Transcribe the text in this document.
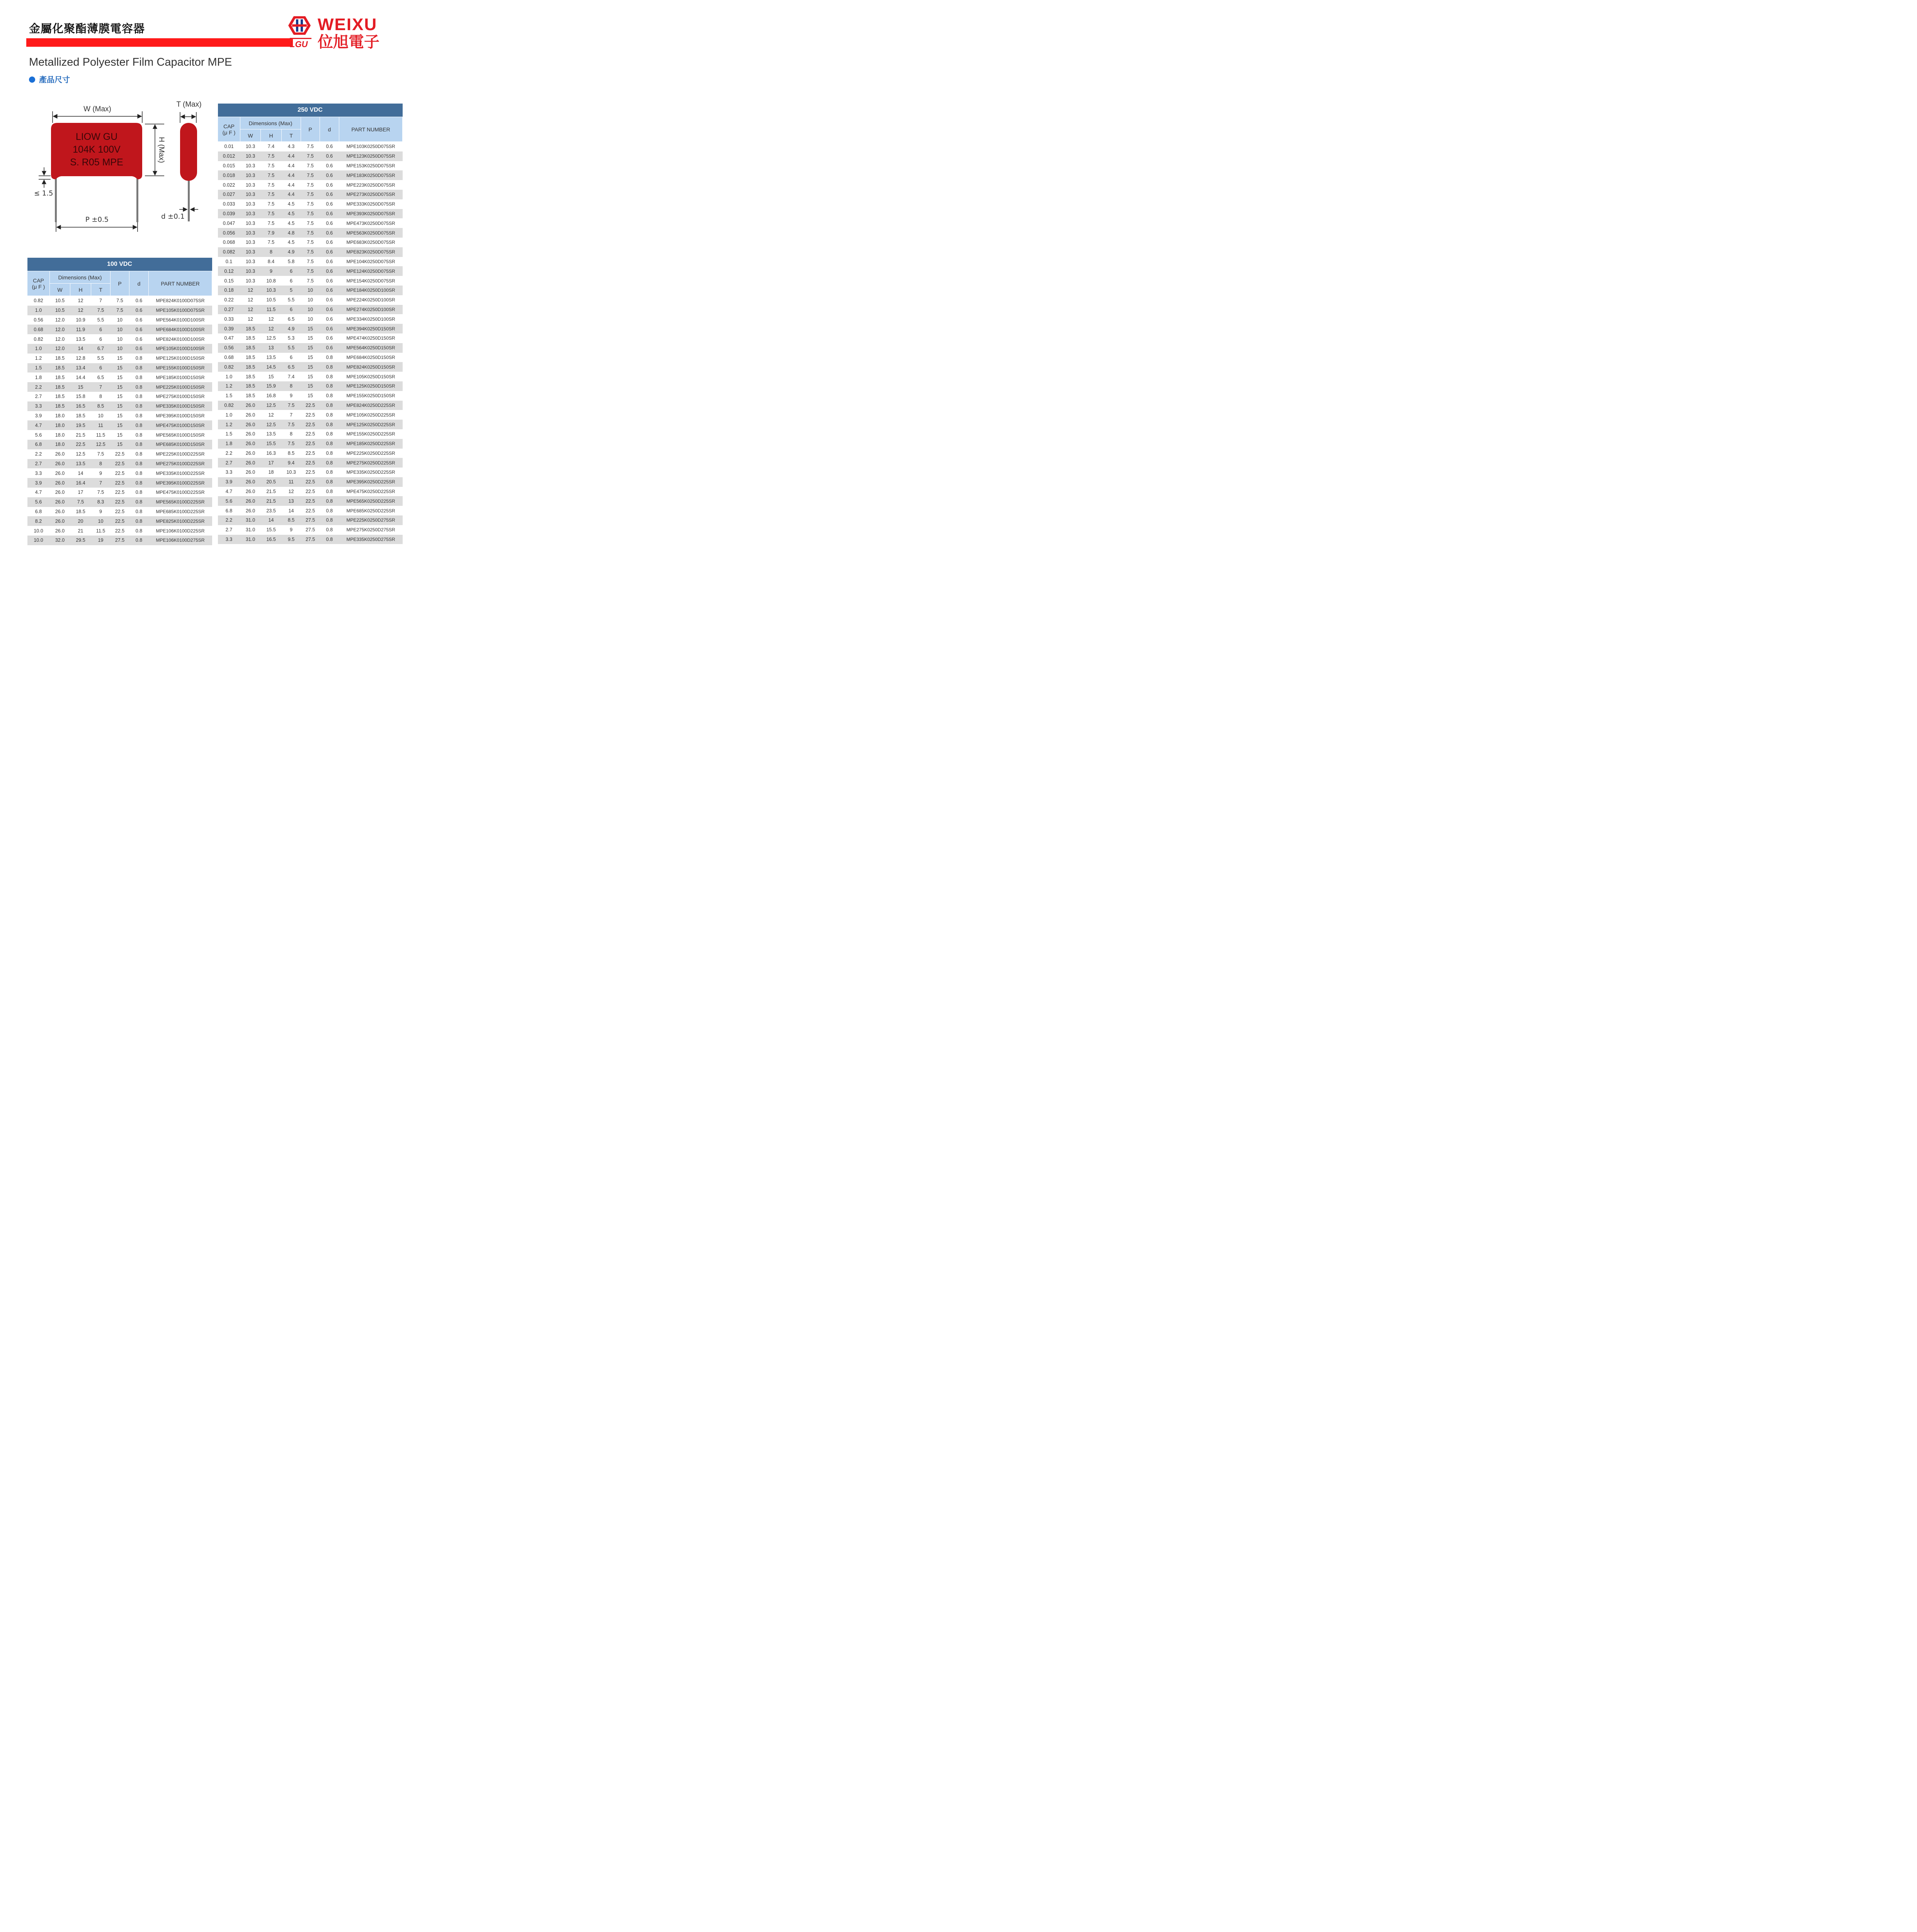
金屬化聚酯薄膜電容器
LGU
WEIXU
位旭電子
Metallized Polyester Film Capacitor MPE
產品尺寸
W (Max)
LIOW GU
104K 100V
S. R05 MPE	H (Max)
≤ 1.5
P ±0.5
T (Max)
d ±0.1
100 VDC						
CAP
(μ F )	Dimensions (Max)			P	d	PART NUMBER
	W	H	T			
0.82	10.5	12	7	7.5	0.6	MPE824K0100D075SR
1.0	10.5	12	7.5	7.5	0.6	MPE105K0100D075SR
0.56	12.0	10.9	5.5	10	0.6	MPE564K0100D100SR
0.68	12.0	11.9	6	10	0.6	MPE684K0100D100SR
0.82	12.0	13.5	6	10	0.6	MPE824K0100D100SR
1.0	12.0	14	6.7	10	0.6	MPE105K0100D100SR
1.2	18.5	12.8	5.5	15	0.8	MPE125K0100D150SR
1.5	18.5	13.4	6	15	0.8	MPE155K0100D150SR
1.8	18.5	14.4	6.5	15	0.8	MPE185K0100D150SR
2.2	18.5	15	7	15	0.8	MPE225K0100D150SR
2.7	18.5	15.8	8	15	0.8	MPE275K0100D150SR
3.3	18.5	16.5	8.5	15	0.8	MPE335K0100D150SR
3.9	18.0	18.5	10	15	0.8	MPE395K0100D150SR
4.7	18.0	19.5	11	15	0.8	MPE475K0100D150SR
5.6	18.0	21.5	11.5	15	0.8	MPE565K0100D150SR
6.8	18.0	22.5	12.5	15	0.8	MPE685K0100D150SR
2.2	26.0	12.5	7.5	22.5	0.8	MPE225K0100D225SR
2.7	26.0	13.5	8	22.5	0.8	MPE275K0100D225SR
3.3	26.0	14	9	22.5	0.8	MPE335K0100D225SR
3.9	26.0	16.4	7	22.5	0.8	MPE395K0100D225SR
4.7	26.0	17	7.5	22.5	0.8	MPE475K0100D225SR
5.6	26.0	7.5	8.3	22.5	0.8	MPE565K0100D225SR
6.8	26.0	18.5	9	22.5	0.8	MPE685K0100D225SR
8.2	26.0	20	10	22.5	0.8	MPE825K0100D225SR
10.0	26.0	21	11.5	22.5	0.8	MPE106K0100D225SR
10.0	32.0	29.5	19	27.5	0.8	MPE106K0100D275SR
250 VDC						
CAP
(μ F )	Dimensions (Max)			P	d	PART NUMBER
	W	H	T			
0.01	10.3	7.4	4.3	7.5	0.6	MPE103K0250D075SR
0.012	10.3	7.5	4.4	7.5	0.6	MPE123K0250D075SR
0.015	10.3	7.5	4.4	7.5	0.6	MPE153K0250D075SR
0.018	10.3	7.5	4.4	7.5	0.6	MPE183K0250D075SR
0.022	10.3	7.5	4.4	7.5	0.6	MPE223K0250D075SR
0.027	10.3	7.5	4.4	7.5	0.6	MPE273K0250D075SR
0.033	10.3	7.5	4.5	7.5	0.6	MPE333K0250D075SR
0.039	10.3	7.5	4.5	7.5	0.6	MPE393K0250D075SR
0.047	10.3	7.5	4.5	7.5	0.6	MPE473K0250D075SR
0.056	10.3	7.9	4.8	7.5	0.6	MPE563K0250D075SR
0.068	10.3	7.5	4.5	7.5	0.6	MPE683K0250D075SR
0.082	10.3	8	4.9	7.5	0.6	MPE823K0250D075SR
0.1	10.3	8.4	5.8	7.5	0.6	MPE104K0250D075SR
0.12	10.3	9	6	7.5	0.6	MPE124K0250D075SR
0.15	10.3	10.8	6	7.5	0.6	MPE154K0250D075SR
0.18	12	10.3	5	10	0.6	MPE184K0250D100SR
0.22	12	10.5	5.5	10	0.6	MPE224K0250D100SR
0.27	12	11.5	6	10	0.6	MPE274K0250D100SR
0.33	12	12	6.5	10	0.6	MPE334K0250D100SR
0.39	18.5	12	4.9	15	0.6	MPE394K0250D150SR
0.47	18.5	12.5	5.3	15	0.6	MPE474K0250D150SR
0.56	18.5	13	5.5	15	0.6	MPE564K0250D150SR
0.68	18.5	13.5	6	15	0.8	MPE684K0250D150SR
0.82	18.5	14.5	6.5	15	0.8	MPE824K0250D150SR
1.0	18.5	15	7.4	15	0.8	MPE105K0250D150SR
1.2	18.5	15.9	8	15	0.8	MPE125K0250D150SR
1.5	18.5	16.8	9	15	0.8	MPE155K0250D150SR
0.82	26.0	12.5	7.5	22.5	0.8	MPE824K0250D225SR
1.0	26.0	12	7	22.5	0.8	MPE105K0250D225SR
1.2	26.0	12.5	7.5	22.5	0.8	MPE125K0250D225SR
1.5	26.0	13.5	8	22.5	0.8	MPE155K0250D225SR
1.8	26.0	15.5	7.5	22.5	0.8	MPE185K0250D225SR
2.2	26.0	16.3	8.5	22.5	0.8	MPE225K0250D225SR
2.7	26.0	17	9.4	22.5	0.8	MPE275K0250D225SR
3.3	26.0	18	10.3	22.5	0.8	MPE335K0250D225SR
3.9	26.0	20.5	11	22.5	0.8	MPE395K0250D225SR
4.7	26.0	21.5	12	22.5	0.8	MPE475K0250D225SR
5.6	26.0	21.5	13	22.5	0.8	MPE565K0250D225SR
6.8	26.0	23.5	14	22.5	0.8	MPE685K0250D225SR
2.2	31.0	14	8.5	27.5	0.8	MPE225K0250D275SR
2.7	31.0	15.5	9	27.5	0.8	MPE275K0250D275SR
3.3	31.0	16.5	9.5	27.5	0.8	MPE335K0250D275SR
